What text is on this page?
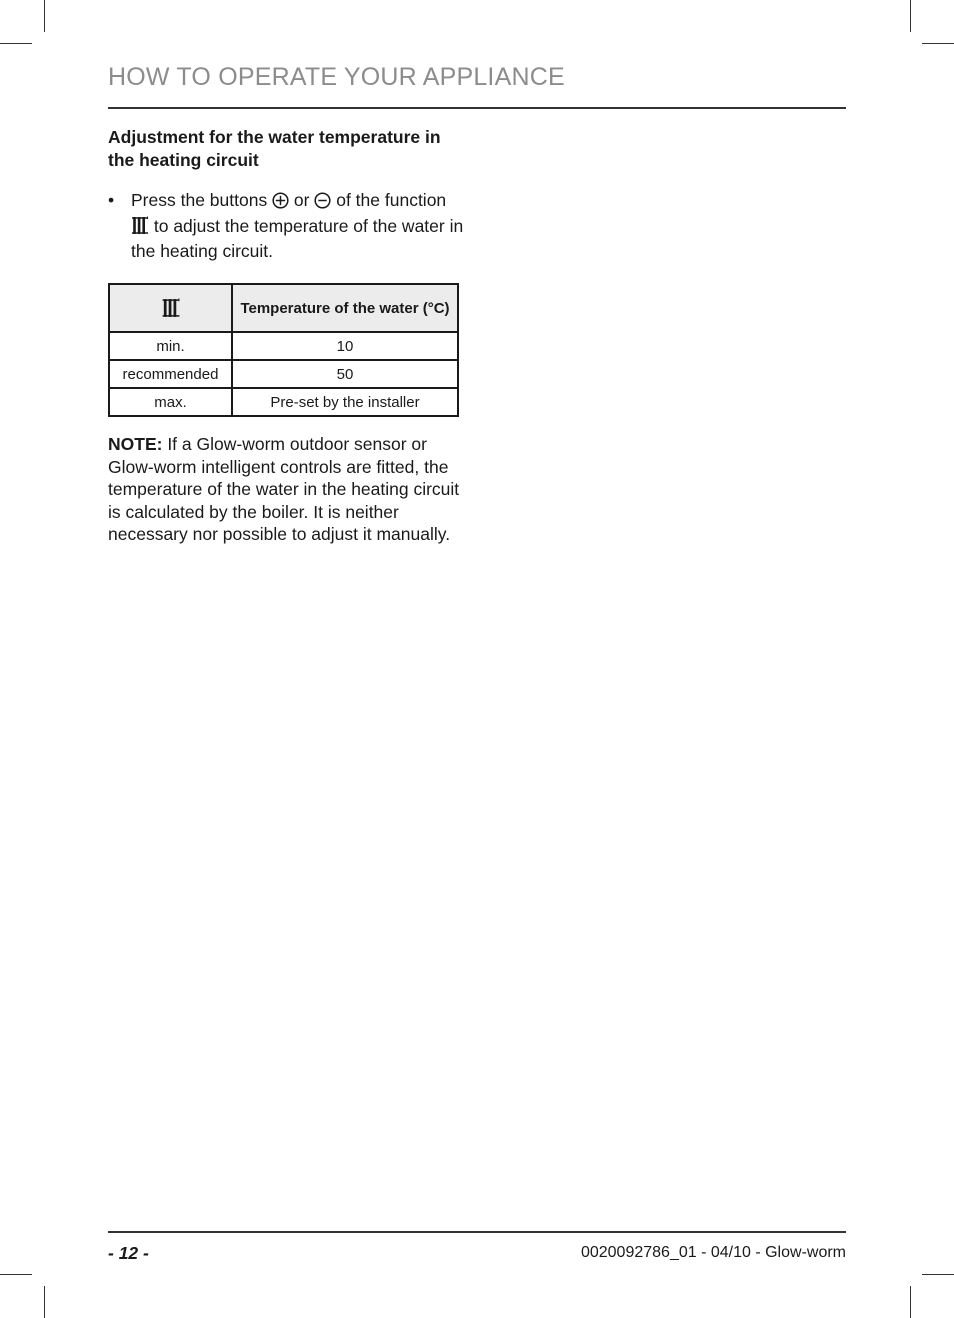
HOW TO OPERATE YOUR APPLIANCE
Adjustment for the water temperature in the heating circuit
• Press the buttons  or  of the function  to adjust the temperature of the water in the heating circuit.
	Temperature of the water (°C)
min.	10
recommended	50
max.	Pre-set by the installer
NOTE: If a Glow-worm outdoor sensor or Glow-worm intelligent controls are fitted, the temperature of the water in the heating circuit is calculated by the boiler. It is neither necessary nor possible to adjust it manually.
- 12 -	0020092786_01 - 04/10 - Glow-worm
